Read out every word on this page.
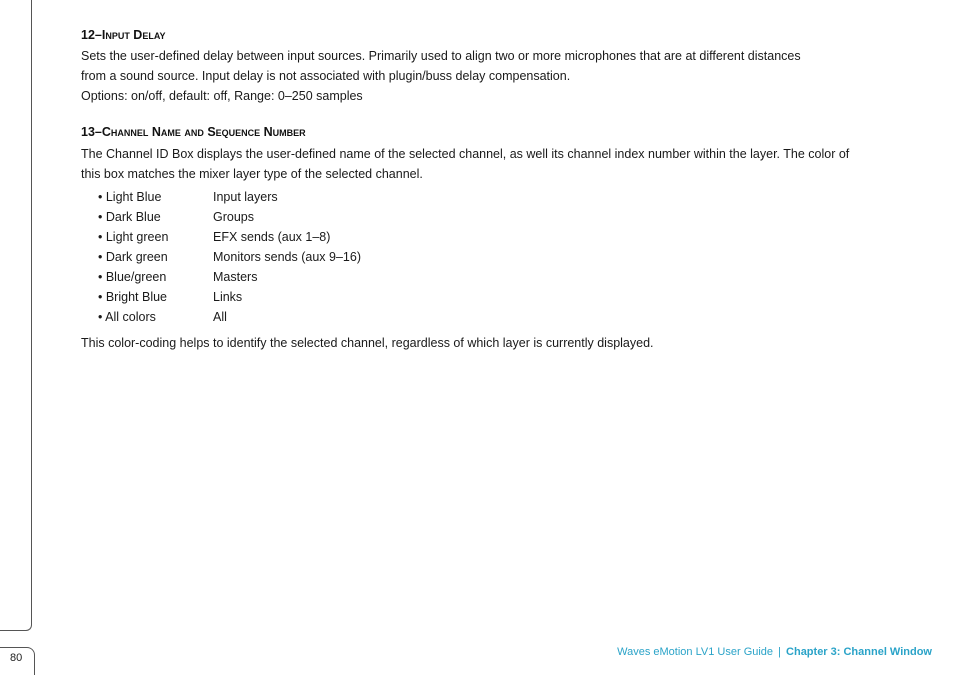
80
12–Input Delay

Sets the user-defined delay between input sources. Primarily used to align two or more microphones that are at different distances

from a sound source. Input delay is not associated with plugin/buss delay compensation.

Options: on/off, default: off, Range: 0–250 samples

13–Channel Name and Sequence Number

The Channel ID Box displays the user-defined name of the selected channel, as well its channel index number within the layer. The color of

this box matches the mixer layer type of the selected channel.

• Light Blue	Input layers
• Dark Blue	Groups
• Light green	EFX sends (aux 1–8)
• Dark green	Monitors sends (aux 9–16)
• Blue/green	Masters
• Bright Blue	Links
• All colors	All

This color-coding helps to identify the selected channel, regardless of which layer is currently displayed.

Waves eMotion LV1 User Guide | Chapter 3: Channel Window
